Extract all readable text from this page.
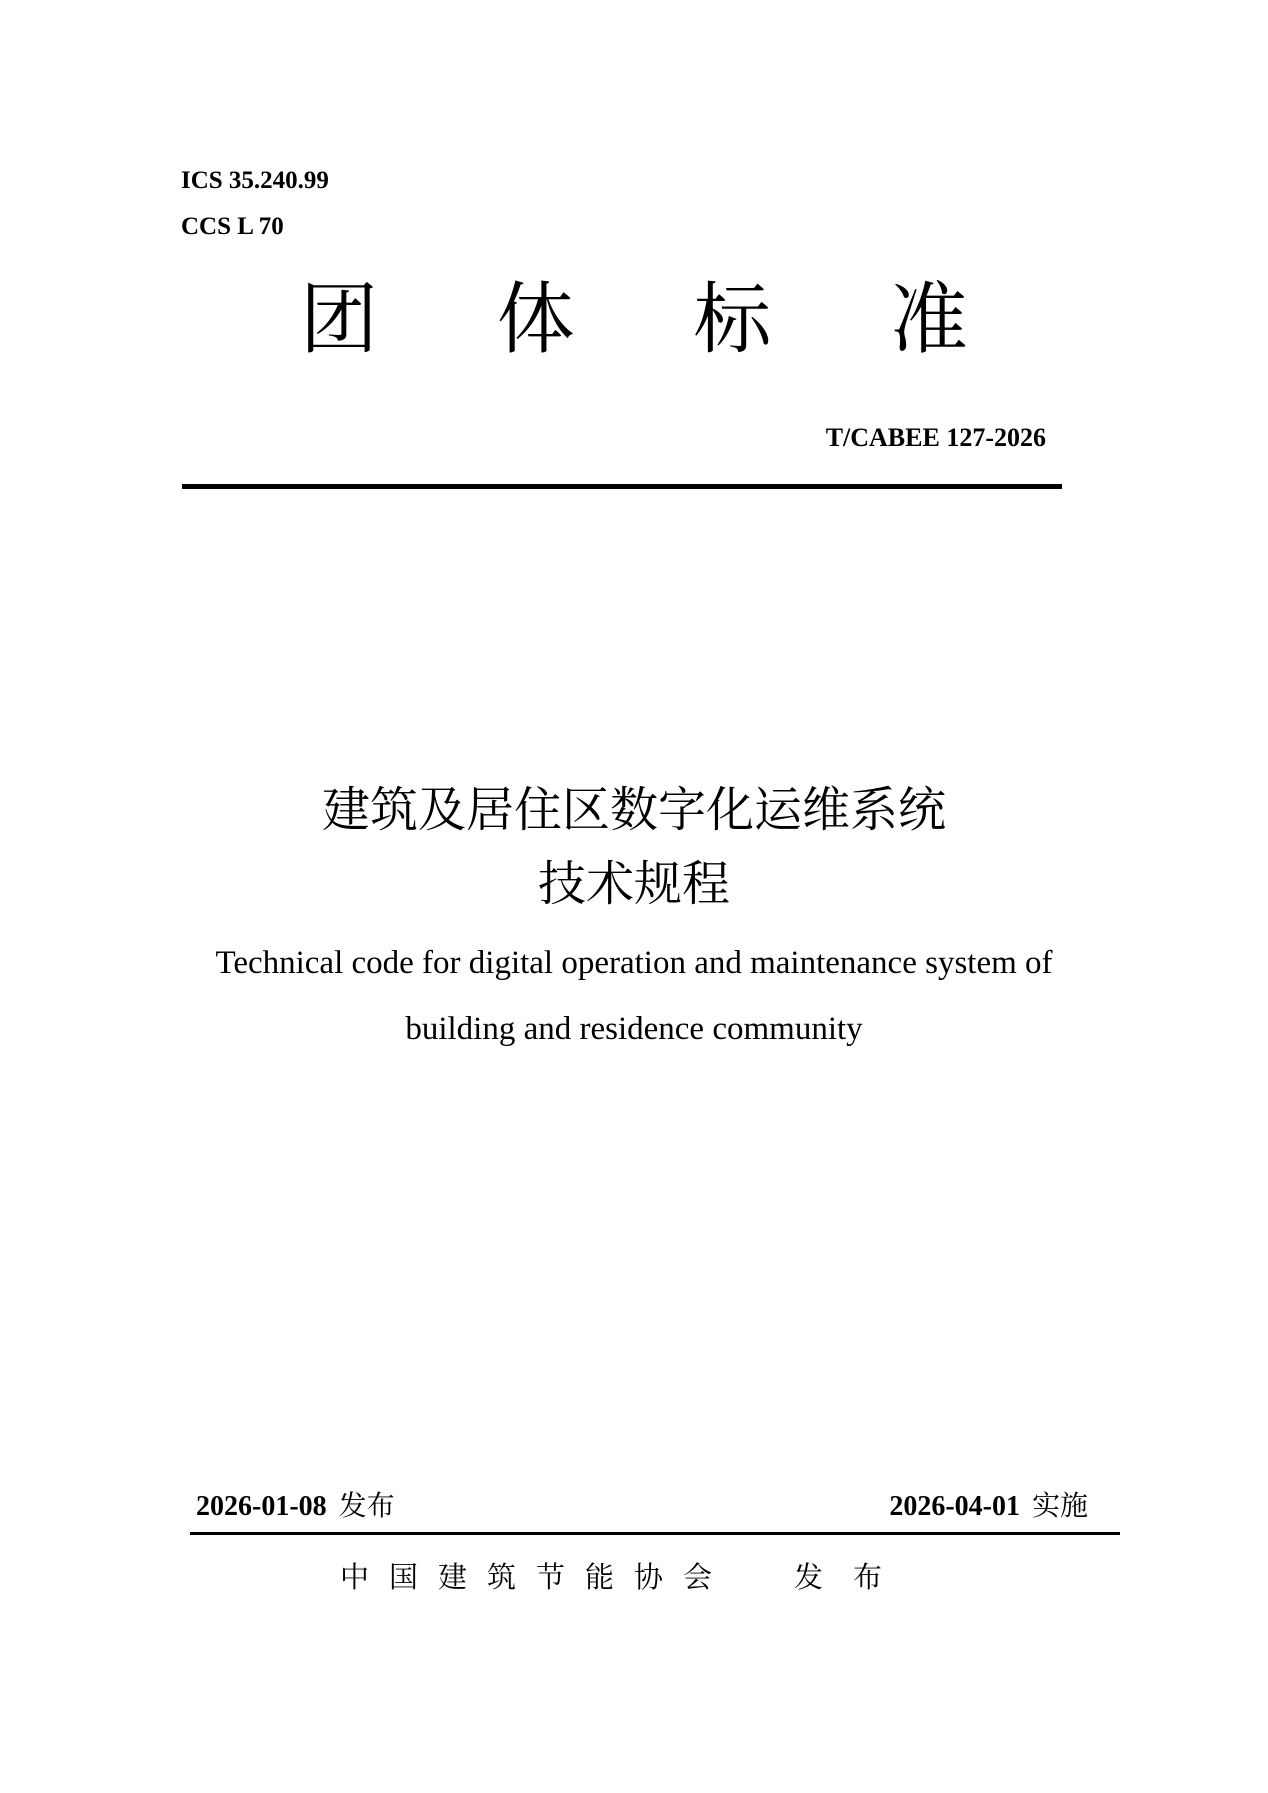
ICS 35.240.99
CCS L 70
团 体 标 准
T/CABEE 127-2026
建筑及居住区数字化运维系统
技术规程
Technical code for digital operation and maintenance system of
building and residence community
2026-01-08 发布	2026-04-01 实施
中国建筑节能协会 发布
